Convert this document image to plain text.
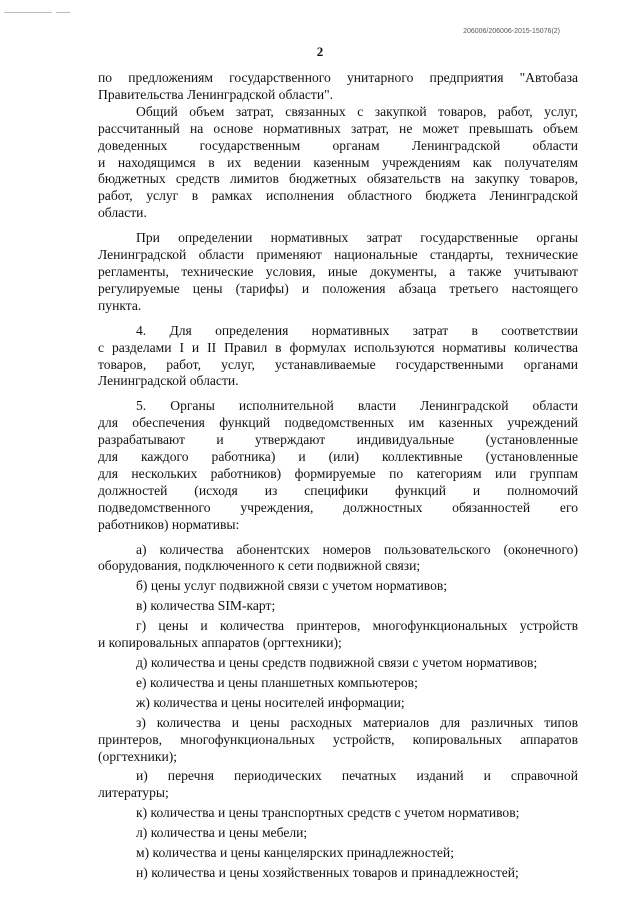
206006/206006-2015-15076(2)
2

по предложениям государственного унитарного предприятия "Автобаза

Правительства Ленинградской области".

Общий объем затрат, связанных с закупкой товаров, работ, услуг,

рассчитанный на основе нормативных затрат, не может превышать объем

доведенных государственным органам Ленинградской области

и находящимся в их ведении казенным учреждениям как получателям

бюджетных средств лимитов бюджетных обязательств на закупку товаров,

работ, услуг в рамках исполнения областного бюджета Ленинградской

области.

При определении нормативных затрат государственные органы

Ленинградской области применяют национальные стандарты, технические

регламенты, технические условия, иные документы, а также учитывают

регулируемые цены (тарифы) и положения абзаца третьего настоящего

пункта.

4. Для определения нормативных затрат в соответствии

с разделами I и II Правил в формулах используются нормативы количества

товаров, работ, услуг, устанавливаемые государственными органами

Ленинградской области.

5. Органы исполнительной власти Ленинградской области

для обеспечения функций подведомственных им казенных учреждений

разрабатывают и утверждают индивидуальные (установленные

для каждого работника) и (или) коллективные (установленные

для нескольких работников) формируемые по категориям или группам

должностей (исходя из специфики функций и полномочий

подведомственного учреждения, должностных обязанностей его

работников) нормативы:

а) количества абонентских номеров пользовательского (оконечного)

оборудования, подключенного к сети подвижной связи;

б) цены услуг подвижной связи с учетом нормативов;

в) количества SIM-карт;

г) цены и количества принтеров, многофункциональных устройств

и копировальных аппаратов (оргтехники);

д) количества и цены средств подвижной связи с учетом нормативов;

е) количества и цены планшетных компьютеров;

ж) количества и цены носителей информации;

з) количества и цены расходных материалов для различных типов

принтеров, многофункциональных устройств, копировальных аппаратов

(оргтехники);

и) перечня периодических печатных изданий и справочной

литературы;

к) количества и цены транспортных средств с учетом нормативов;

л) количества и цены мебели;

м) количества и цены канцелярских принадлежностей;

н) количества и цены хозяйственных товаров и принадлежностей;
